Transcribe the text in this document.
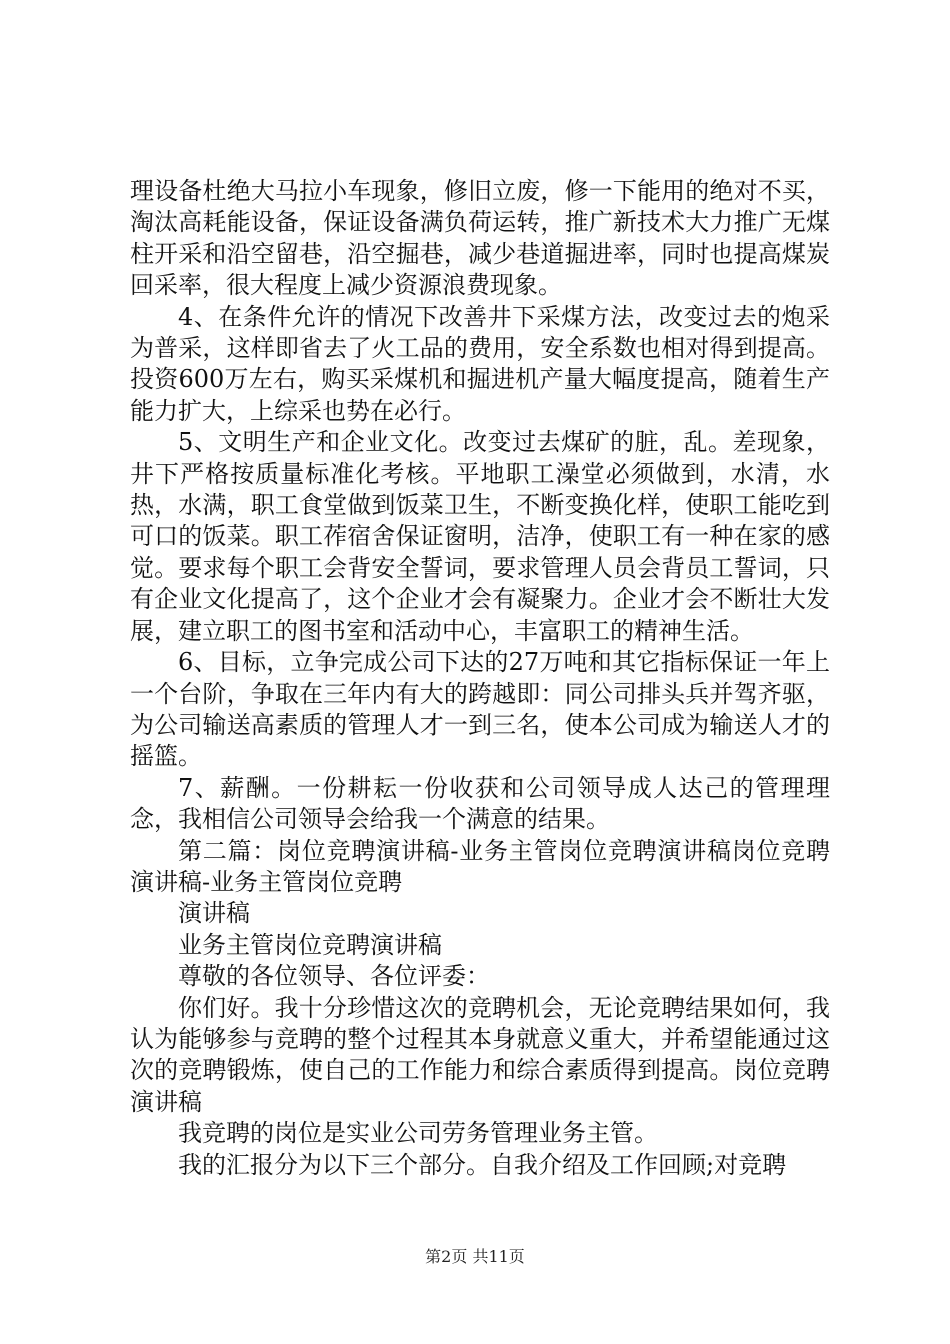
理设备杜绝大马拉小车现象，修旧立废，修一下能用的绝对不买，淘汰高耗能设备，保证设备满负荷运转，推广新技术大力推广无煤柱开采和沿空留巷，沿空掘巷，减少巷道掘进率，同时也提高煤炭回采率，很大程度上减少资源浪费现象。

4、在条件允许的情况下改善井下采煤方法，改变过去的炮采为普采，这样即省去了火工品的费用，安全系数也相对得到提高。投资600万左右，购买采煤机和掘进机产量大幅度提高，随着生产能力扩大，上综采也势在必行。

5、文明生产和企业文化。改变过去煤矿的脏，乱。差现象，井下严格按质量标准化考核。平地职工澡堂必须做到，水清，水热，水满，职工食堂做到饭菜卫生，不断变换化样，使职工能吃到可口的饭菜。职工莋宿舍保证窗明，洁净，使职工有一种在家的感觉。要求每个职工会背安全誓词，要求管理人员会背员工誓词，只有企业文化提高了，这个企业才会有凝聚力。企业才会不断壮大发展，建立职工的图书室和活动中心，丰富职工的精神生活。

6、目标，立争完成公司下达的27万吨和其它指标保证一年上一个台阶，争取在三年内有大的跨越即：同公司排头兵并驾齐驱，为公司输送高素质的管理人才一到三名，使本公司成为输送人才的摇篮。

7、薪酬。一份耕耘一份收获和公司领导成人达己的管理理念，我相信公司领导会给我一个满意的结果。

第二篇：岗位竞聘演讲稿-业务主管岗位竞聘演讲稿岗位竞聘演讲稿-业务主管岗位竞聘

演讲稿

业务主管岗位竞聘演讲稿

尊敬的各位领导、各位评委：

你们好。我十分珍惜这次的竞聘机会，无论竞聘结果如何，我认为能够参与竞聘的整个过程其本身就意义重大，并希望能通过这次的竞聘锻炼，使自己的工作能力和综合素质得到提高。岗位竞聘演讲稿

我竞聘的岗位是实业公司劳务管理业务主管。

我的汇报分为以下三个部分。自我介绍及工作回顾;对竞聘

第2页 共11页
